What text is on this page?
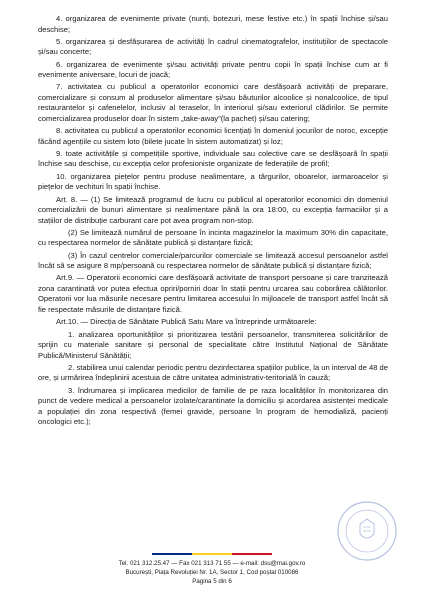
4. organizarea de evenimente private (nunți, botezuri, mese festive etc.) în spații închise și/sau deschise;

5. organizarea și desfășurarea de activități în cadrul cinematografelor, instituțiilor de spectacole și/sau concerte;

6. organizarea de evenimente și/sau activități private pentru copii în spații închise cum ar fi evenimente aniversare, locuri de joacă;

7. activitatea cu publicul a operatorilor economici care desfășoară activități de preparare, comercializare și consum al produselor alimentare și/sau băuturilor alcoolice și nonalcoolice, de tipul restaurantelor și cafenelelor, inclusiv al teraselor, în interiorul și/sau exteriorul clădirilor. Se permite comercializarea produselor doar în sistem „take-away”(la pachet) și/sau catering;

8. activitatea cu publicul a operatorilor economici licențiați în domeniul jocurilor de noroc, excepție făcând agențiile cu sistem loto (bilete jucate în sistem automatizat) și loz;

9. toate activitățile și competițiile sportive, individuale sau colective care se desfășoară în spații închise sau deschise, cu excepția celor profesioniste organizate de federațiile de profil;

10. organizarea piețelor pentru produse nealimentare, a târgurilor, oboarelor, iarmaroacelor și piețelor de vechituri în spații închise.

Art. 8. — (1) Se limitează programul de lucru cu publicul al operatorilor economici din domeniul comercializării de bunuri alimentare și nealimentare până la ora 18:00, cu excepția farmaciilor și a stațiilor de distribuție carburant care pot avea program non-stop.

(2) Se limitează numărul de persoane în incinta magazinelor la maximum 30% din capacitate, cu respectarea normelor de sănătate publică și distanțare fizică;

(3) În cazul centrelor comerciale/parcurilor comerciale se limitează accesul persoanelor astfel încât să se asigure 8 mp/persoană cu respectarea normelor de sănătate publică și distanțare fizică;

Art.9. — Operatorii economici care desfășoară activitate de transport persoane și care tranzitează zona carantinată vor putea efectua opriri/porniri doar în stații pentru urcarea sau coborârea călătorilor. Operatorii vor lua măsurile necesare pentru limitarea accesului în mijloacele de transport astfel încât să fie respectate măsurile de distanțare fizică.

Art.10. — Direcția de Sănătate Publică Satu Mare va întreprinde următoarele:

1. analizarea oportunităților și prioritizarea testării persoanelor, transmiterea solicitărilor de sprijin cu materiale sanitare și personal de specialitate către Institutul Național de Sănătate Publică/Ministerul Sănătății;

2. stabilirea unui calendar periodic pentru dezinfectarea spațiilor publice, la un interval de 48 de ore, și urmărirea îndeplinirii acestuia de către unitatea administrativ-teritorială în cauză;

3. îndrumarea și implicarea medicilor de familie de pe raza localităților în monitorizarea din punct de vedere medical a persoanelor izolate/carantinate la domiciliu și acordarea asistenței medicale a populației din zona respectivă (femei gravide, persoane în program de hemodializă, pacienți oncologici etc.);

Tel. 021 312.25.47 — Fax 021 313 71 55 — e-mail: dsu@mai.gov.ro
București, Piața Revoluției Nr. 1A, Sector 1, Cod poștal 010086
Pagina 5 din 6
